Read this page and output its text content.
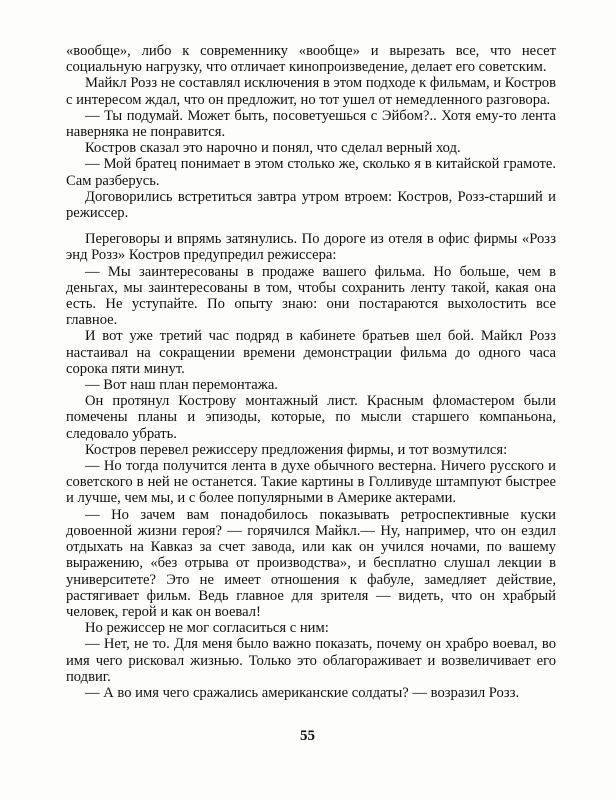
«вообще», либо к современнику «вообще» и вырезать все, что несет социальную нагрузку, что отличает кинопроизведение, делает его советским.

Майкл Розз не составлял исключения в этом подходе к фильмам, и Костров с интересом ждал, что он предложит, но тот ушел от немедленного разговора.

— Ты подумай. Может быть, посоветуешься с Эйбом?.. Хотя ему-то лента наверняка не понравится.

Костров сказал это нарочно и понял, что сделал верный ход.

— Мой братец понимает в этом столько же, сколько я в китайской грамоте. Сам разберусь.

Договорились встретиться завтра утром втроем: Костров, Розз-старший и режиссер.

Переговоры и впрямь затянулись. По дороге из отеля в офис фирмы «Розз энд Розз» Костров предупредил режиссера:

— Мы заинтересованы в продаже вашего фильма. Но больше, чем в деньгах, мы заинтересованы в том, чтобы сохранить ленту такой, какая она есть. Не уступайте. По опыту знаю: они постараются выхолостить все главное.

И вот уже третий час подряд в кабинете братьев шел бой. Майкл Розз настаивал на сокращении времени демонстрации фильма до одного часа сорока пяти минут.

— Вот наш план перемонтажа.

Он протянул Кострову монтажный лист. Красным фломастером были помечены планы и эпизоды, которые, по мысли старшего компаньона, следовало убрать.

Костров перевел режиссеру предложения фирмы, и тот возмутился:

— Но тогда получится лента в духе обычного вестерна. Ничего русского и советского в ней не останется. Такие картины в Голливуде штампуют быстрее и лучше, чем мы, и с более популярными в Америке актерами.

— Но зачем вам понадобилось показывать ретроспективные куски довоенной жизни героя? — горячился Майкл.— Ну, например, что он ездил отдыхать на Кавказ за счет завода, или как он учился ночами, по вашему выражению, «без отрыва от производства», и бесплатно слушал лекции в университете? Это не имеет отношения к фабуле, замедляет действие, растягивает фильм. Ведь главное для зрителя — видеть, что он храбрый человек, герой и как он воевал!

Но режиссер не мог согласиться с ним:

— Нет, не то. Для меня было важно показать, почему он храбро воевал, во имя чего рисковал жизнью. Только это облагораживает и возвеличивает его подвиг.

— А во имя чего сражались американские солдаты? — возразил Розз.

55
